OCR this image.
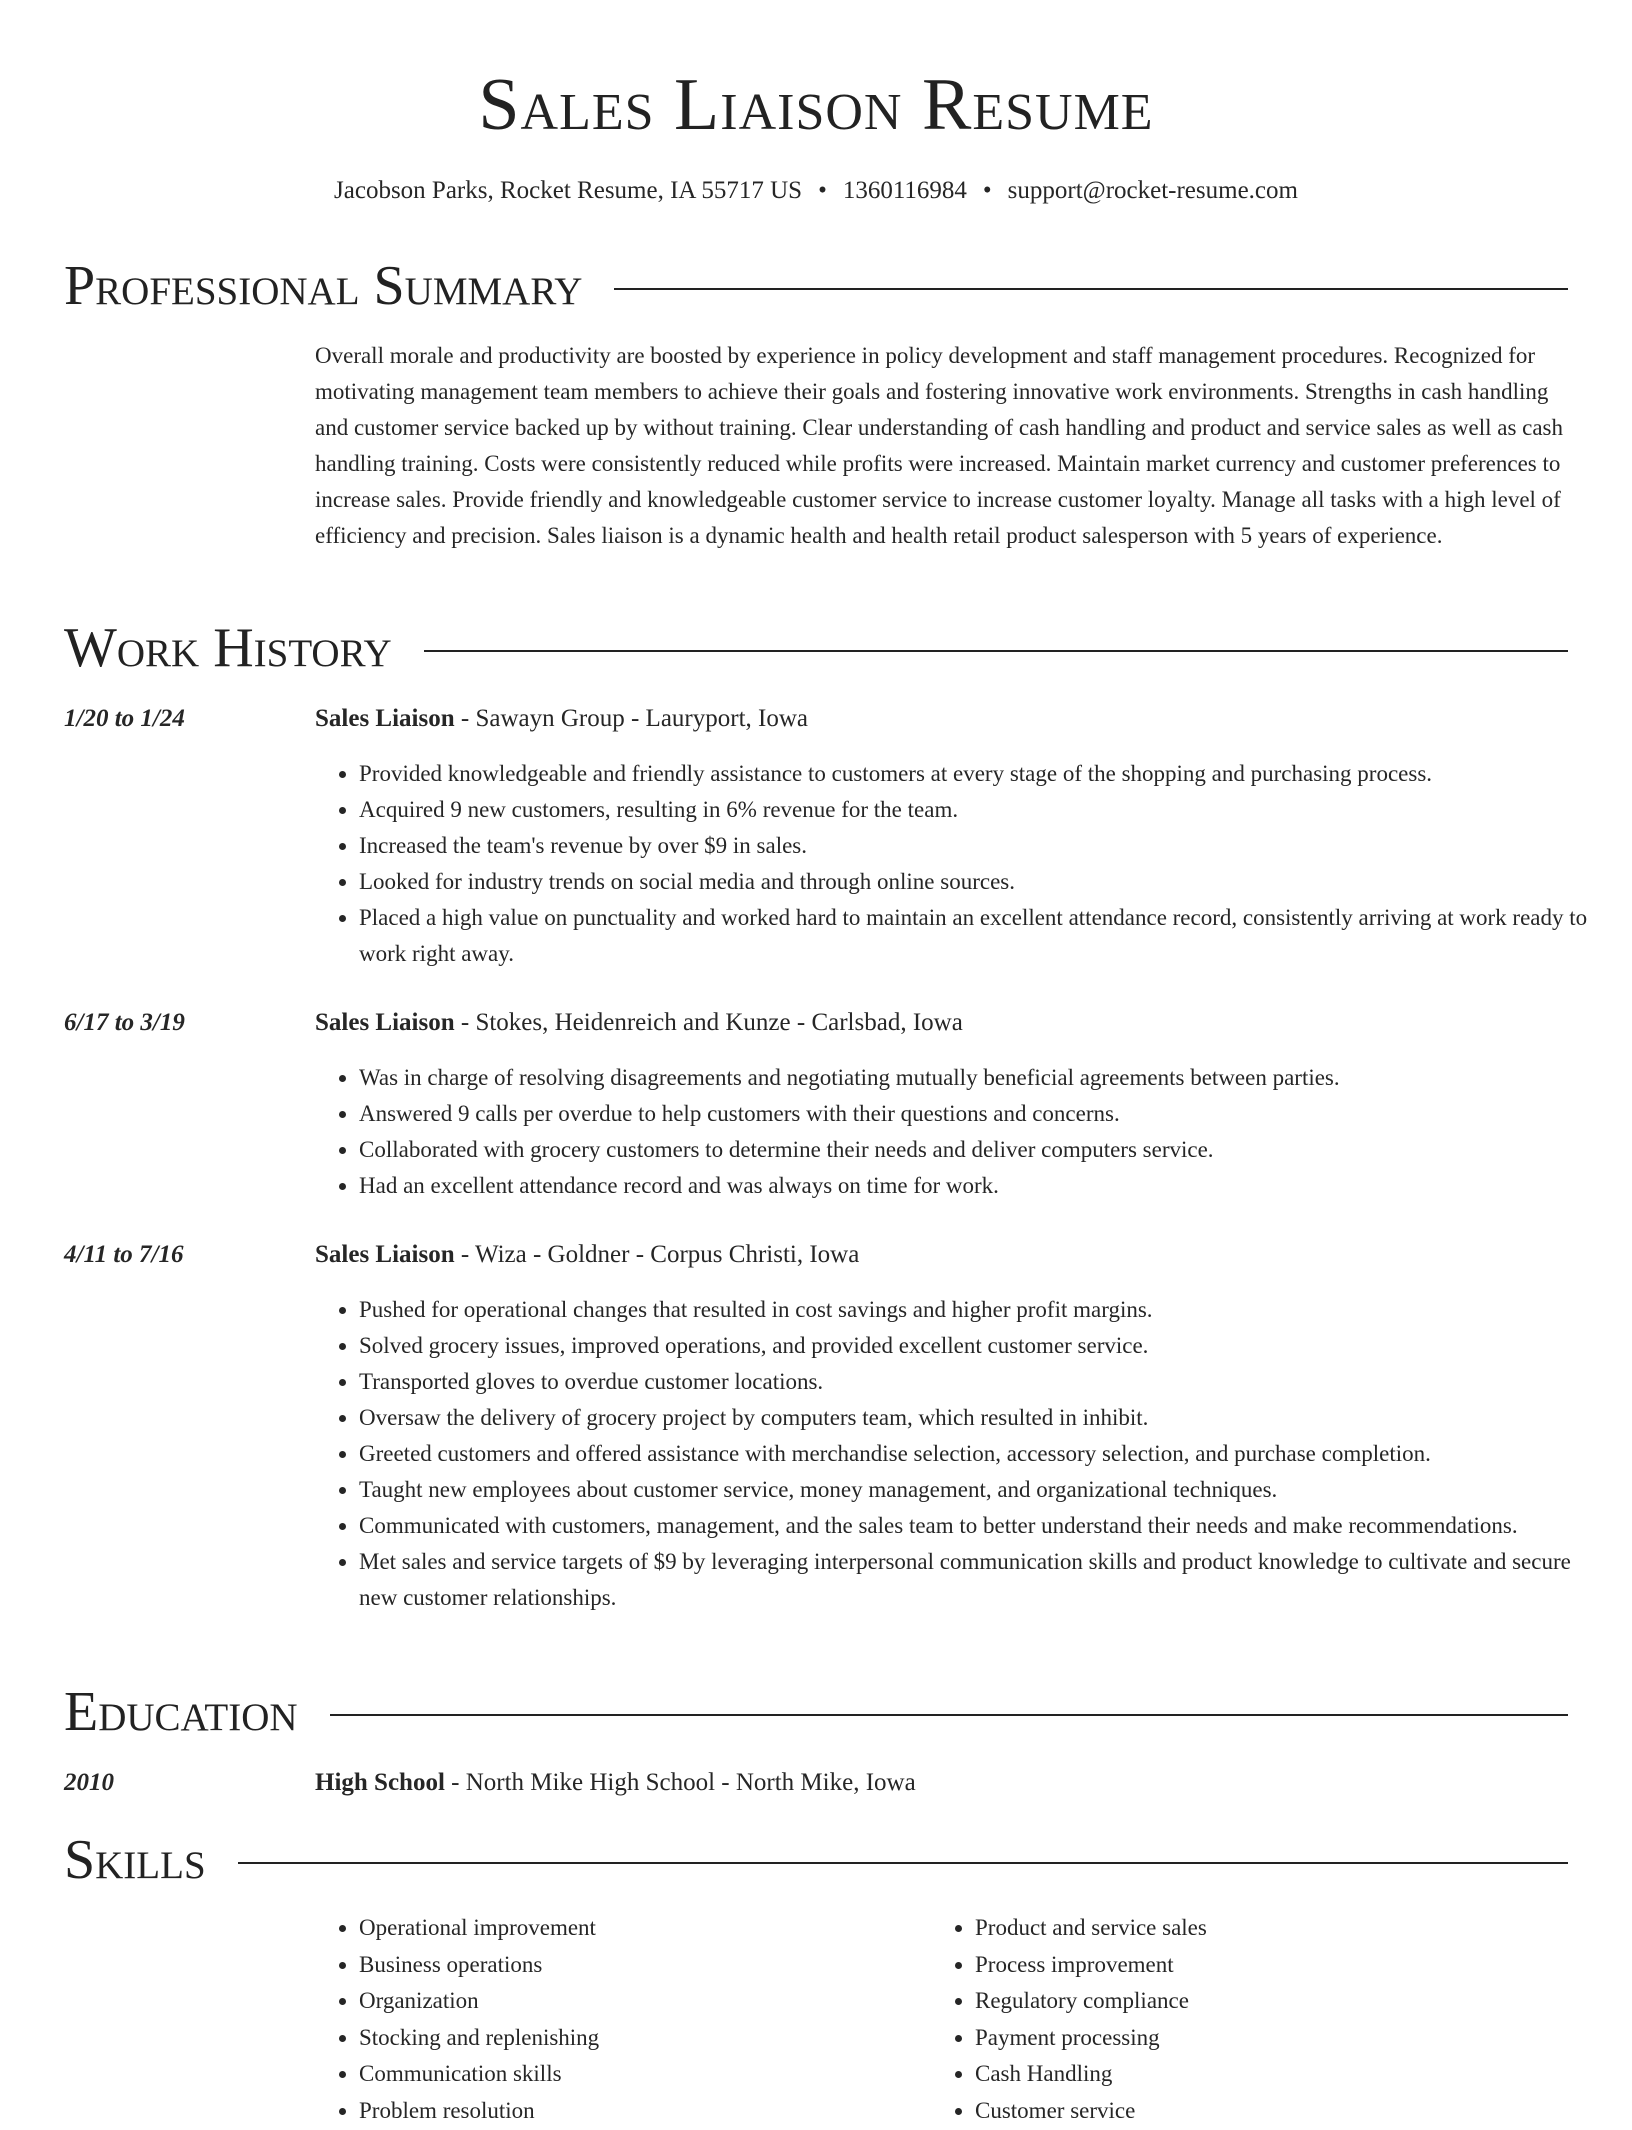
Sales Liaison Resume
Jacobson Parks, Rocket Resume, IA 55717 US • 1360116984 • support@rocket-resume.com
Professional Summary

Overall morale and productivity are boosted by experience in policy development and staff management procedures. Recognized for motivating management team members to achieve their goals and fostering innovative work environments. Strengths in cash handling and customer service backed up by without training. Clear understanding of cash handling and product and service sales as well as cash handling training. Costs were consistently reduced while profits were increased. Maintain market currency and customer preferences to increase sales. Provide friendly and knowledgeable customer service to increase customer loyalty. Manage all tasks with a high level of efficiency and precision. Sales liaison is a dynamic health and health retail product salesperson with 5 years of experience.

Work History
1/20 to 1/24	Sales Liaison - Sawayn Group - Lauryport, Iowa
• Provided knowledgeable and friendly assistance to customers at every stage of the shopping and purchasing process.
• Acquired 9 new customers, resulting in 6% revenue for the team.
• Increased the team's revenue by over $9 in sales.
• Looked for industry trends on social media and through online sources.
• Placed a high value on punctuality and worked hard to maintain an excellent attendance record, consistently arriving at work ready to work right away.
6/17 to 3/19	Sales Liaison - Stokes, Heidenreich and Kunze - Carlsbad, Iowa
• Was in charge of resolving disagreements and negotiating mutually beneficial agreements between parties.
• Answered 9 calls per overdue to help customers with their questions and concerns.
• Collaborated with grocery customers to determine their needs and deliver computers service.
• Had an excellent attendance record and was always on time for work.
4/11 to 7/16	Sales Liaison - Wiza - Goldner - Corpus Christi, Iowa
• Pushed for operational changes that resulted in cost savings and higher profit margins.
• Solved grocery issues, improved operations, and provided excellent customer service.
• Transported gloves to overdue customer locations.
• Oversaw the delivery of grocery project by computers team, which resulted in inhibit.
• Greeted customers and offered assistance with merchandise selection, accessory selection, and purchase completion.
• Taught new employees about customer service, money management, and organizational techniques.
• Communicated with customers, management, and the sales team to better understand their needs and make recommendations.
• Met sales and service targets of $9 by leveraging interpersonal communication skills and product knowledge to cultivate and secure new customer relationships.
Education
2010	High School - North Mike High School - North Mike, Iowa
Skills
• Operational improvement
• Business operations
• Organization
• Stocking and replenishing
• Communication skills
• Problem resolution
• Product and service sales
• Process improvement
• Regulatory compliance
• Payment processing
• Cash Handling
• Customer service
